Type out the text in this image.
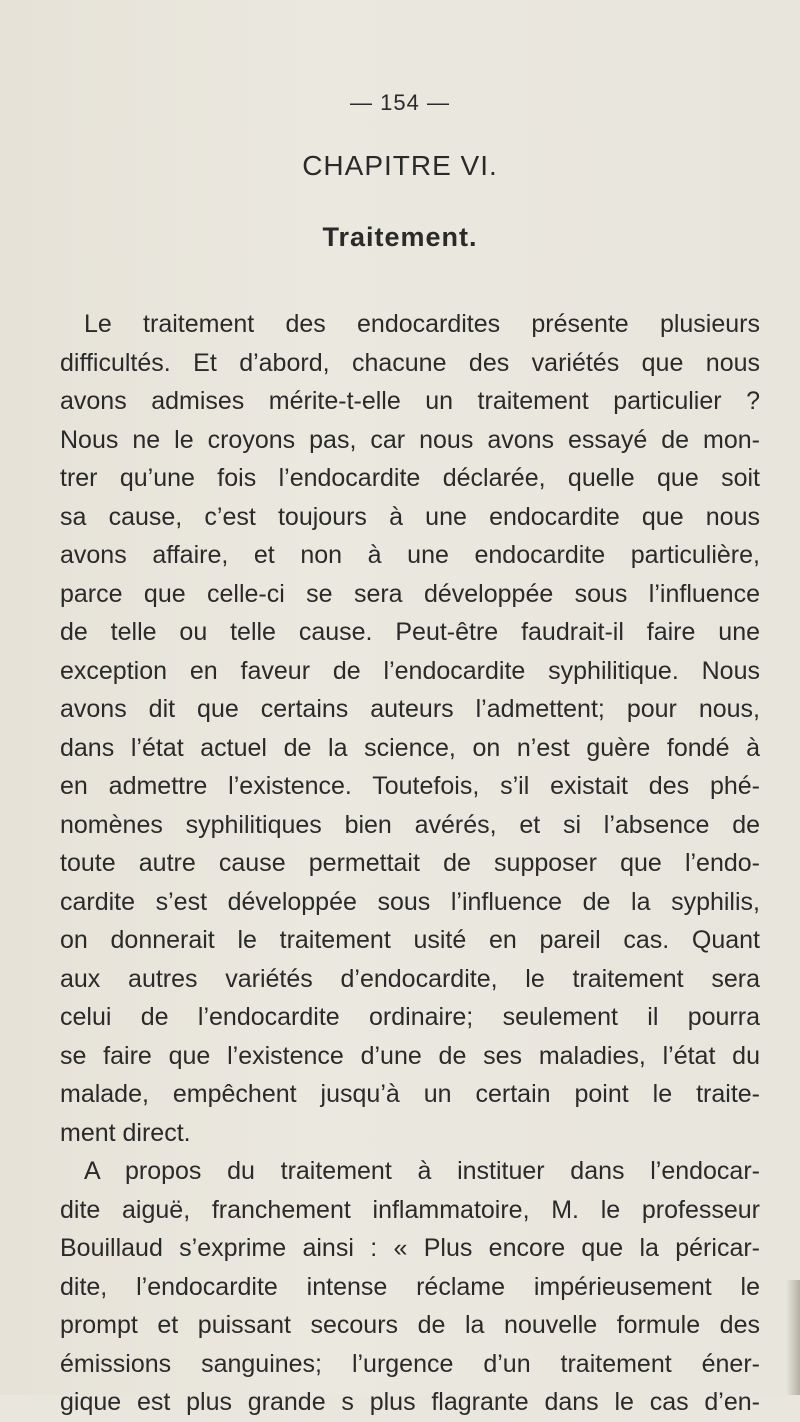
— 154 —
CHAPITRE VI.
Traitement.
Le traitement des endocardites présente plusieurs
difficultés. Et d’abord, chacune des variétés que nous
avons admises mérite-t-elle un traitement particulier ?
Nous ne le croyons pas, car nous avons essayé de mon-
trer qu’une fois l’endocardite déclarée, quelle que soit
sa cause, c’est toujours à une endocardite que nous
avons affaire, et non à une endocardite particulière,
parce que celle-ci se sera développée sous l’influence
de telle ou telle cause. Peut-être faudrait-il faire une
exception en faveur de l’endocardite syphilitique. Nous
avons dit que certains auteurs l’admettent; pour nous,
dans l’état actuel de la science, on n’est guère fondé à
en admettre l’existence. Toutefois, s’il existait des phé-
nomènes syphilitiques bien avérés, et si l’absence de
toute autre cause permettait de supposer que l’endo-
cardite s’est développée sous l’influence de la syphilis,
on donnerait le traitement usité en pareil cas. Quant
aux autres variétés d’endocardite, le traitement sera
celui de l’endocardite ordinaire; seulement il pourra
se faire que l’existence d’une de ses maladies, l’état du
malade, empêchent jusqu’à un certain point le traite-
ment direct.
A propos du traitement à instituer dans l’endocar-
dite aiguë, franchement inflammatoire, M. le professeur
Bouillaud s’exprime ainsi : « Plus encore que la péricar-
dite, l’endocardite intense réclame impérieusement le
prompt et puissant secours de la nouvelle formule des
émissions sanguines; l’urgence d’un traitement éner-
gique est plus grande s plus flagrante dans le cas d’en-
